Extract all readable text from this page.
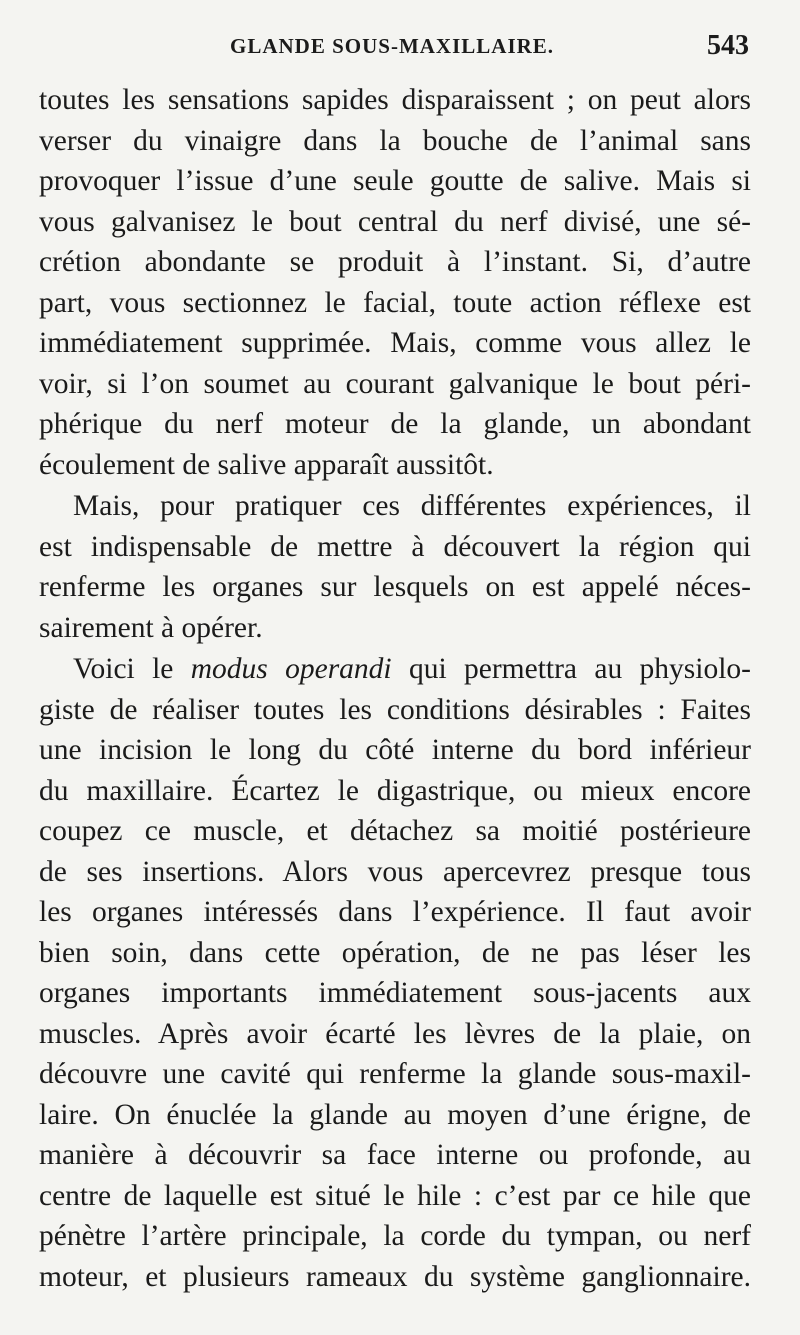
GLANDE SOUS-MAXILLAIRE.	543
toutes les sensations sapides disparaissent ; on peut alors
verser du vinaigre dans la bouche de l’animal sans
provoquer l’issue d’une seule goutte de salive. Mais si
vous galvanisez le bout central du nerf divisé, une sé-
crétion abondante se produit à l’instant. Si, d’autre
part, vous sectionnez le facial, toute action réflexe est
immédiatement supprimée. Mais, comme vous allez le
voir, si l’on soumet au courant galvanique le bout péri-
phérique du nerf moteur de la glande, un abondant
écoulement de salive apparaît aussitôt.
Mais, pour pratiquer ces différentes expériences, il
est indispensable de mettre à découvert la région qui
renferme les organes sur lesquels on est appelé néces-
sairement à opérer.
Voici le modus operandi qui permettra au physiolo-
giste de réaliser toutes les conditions désirables : Faites
une incision le long du côté interne du bord inférieur
du maxillaire. Écartez le digastrique, ou mieux encore
coupez ce muscle, et détachez sa moitié postérieure
de ses insertions. Alors vous apercevrez presque tous
les organes intéressés dans l’expérience. Il faut avoir
bien soin, dans cette opération, de ne pas léser les
organes importants immédiatement sous-jacents aux
muscles. Après avoir écarté les lèvres de la plaie, on
découvre une cavité qui renferme la glande sous-maxil-
laire. On énuclée la glande au moyen d’une érigne, de
manière à découvrir sa face interne ou profonde, au
centre de laquelle est situé le hile : c’est par ce hile que
pénètre l’artère principale, la corde du tympan, ou nerf
moteur, et plusieurs rameaux du système ganglionnaire.
